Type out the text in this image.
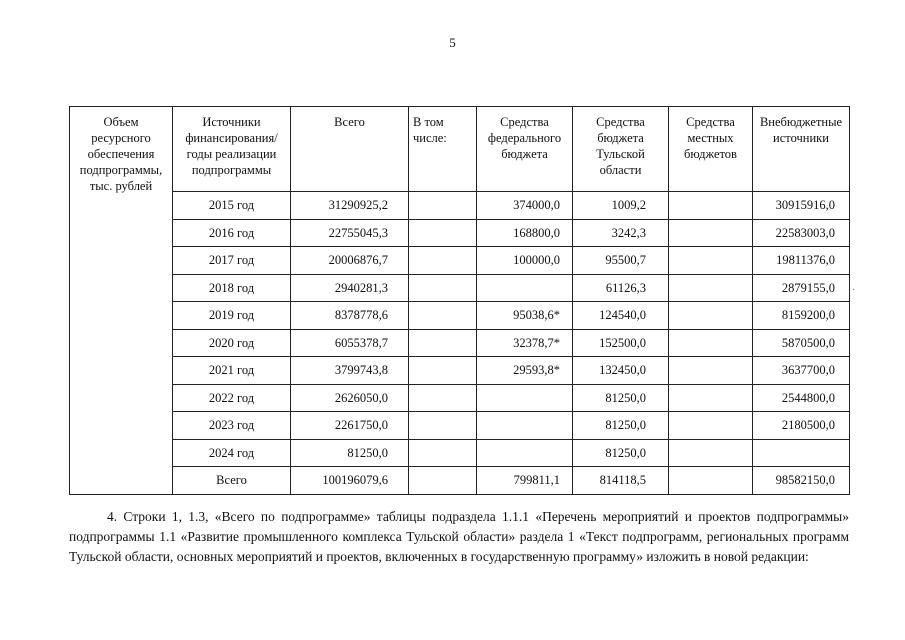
5
Объем ресурсного обеспечения подпрограммы, тыс. рублей	Источники финансирования/ годы реализации подпрограммы	Всего	В том числе:	Средства федерального бюджета	Средства бюджета Тульской области	Средства местных бюджетов	Внебюджетные источники
	2015 год	31290925,2		374000,0	1009,2		30915916,0
	2016 год	22755045,3		168800,0	3242,3		22583003,0
	2017 год	20006876,7		100000,0	95500,7		19811376,0
	2018 год	2940281,3			61126,3		2879155,0
	2019 год	8378778,6		95038,6*	124540,0		8159200,0
	2020 год	6055378,7		32378,7*	152500,0		5870500,0
	2021 год	3799743,8		29593,8*	132450,0		3637700,0
	2022 год	2626050,0			81250,0		2544800,0
	2023 год	2261750,0			81250,0		2180500,0
	2024 год	81250,0			81250,0		
	Всего	100196079,6		799811,1	814118,5		98582150,0
·
4. Строки 1, 1.3, «Всего по подпрограмме» таблицы подраздела 1.1.1 «Перечень мероприятий и проектов подпрограммы» подпрограммы 1.1 «Развитие промышленного комплекса Тульской области» раздела 1 «Текст подпрограмм, региональных программ Тульской области, основных мероприятий и проектов, включенных в государственную программу» изложить в новой редакции:
